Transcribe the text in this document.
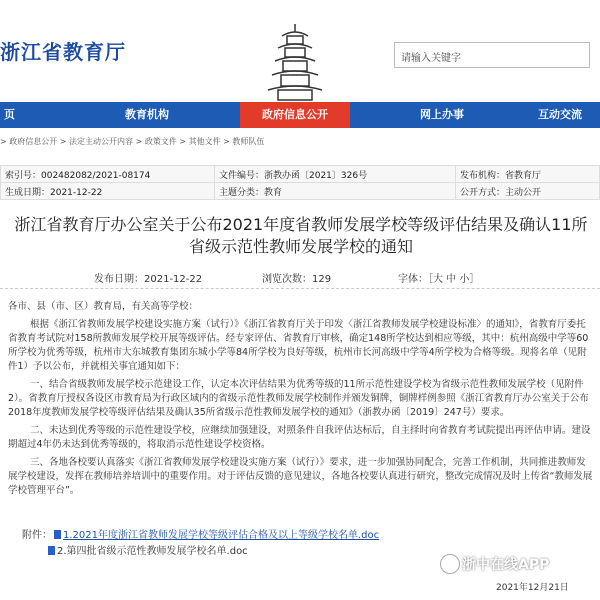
浙江省教育厅	请输入关键字
页	教育机构	政府信息公开	网上办事	互动交流
> 政府信息公开 > 法定主动公开内容 > 政策文件 > 其他文件 > 教师队伍
索引号：002482082/2021-08174	文件编号：浙教办函〔2021〕326号	发布机构：省教育厅
生成日期：2021-12-22	主题分类：教育	公开方式：主动公开
浙江省教育厅办公室关于公布2021年度省教师发展学校等级评估结果及确认11所省级示范性教师发展学校的通知
发布日期：2021-12-22	浏览次数：129	字体：［大 中 小］

各市、县（市、区）教育局，有关高等学校：

根据《浙江省教师发展学校建设实施方案（试行）》《浙江省教育厅关于印发〈浙江省教师发展学校建设标准〉的通知》，省教育厅委托省教育考试院对158所教师发展学校开展等级评估。经专家评估、省教育厅审核，确定148所学校达到相应等级，其中：杭州高级中学等60所学校为优秀等级，杭州市大东城教育集团东城小学等84所学校为良好等级，杭州市长河高级中学等4所学校为合格等级。现将名单（见附件1）予以公布，并就相关事宜通知如下：

一、结合省级教师发展学校示范建设工作，认定本次评估结果为优秀等级的11所示范性建设学校为省级示范性教师发展学校（见附件2）。省教育厅授权各设区市教育局为行政区域内的省级示范性教师发展学校制作并颁发铜牌，铜牌样例参照《浙江省教育厅办公室关于公布2018年度教师发展学校等级评估结果及确认35所省级示范性教师发展学校的通知》（浙教办函〔2019〕247号）要求。

二、未达到优秀等级的示范性建设学校，应继续加强建设，对照条件自我评估达标后，自主择时向省教育考试院提出再评估申请。建设期超过4年仍未达到优秀等级的，将取消示范性建设学校资格。

三、各地各校要认真落实《浙江省教师发展学校建设实施方案（试行）》要求，进一步加强协同配合，完善工作机制，共同推进教师发展学校建设，发挥在教师培养培训中的重要作用。对于评估反馈的意见建议，各地各校要认真进行研究，整改完成情况及时上传省“教师发展学校管理平台”。

附件： 1.2021年度浙江省教师发展学校等级评估合格及以上等级学校名单.doc
2.第四批省级示范性教师发展学校名单.doc
浙中在线APP
2021年12月21日
